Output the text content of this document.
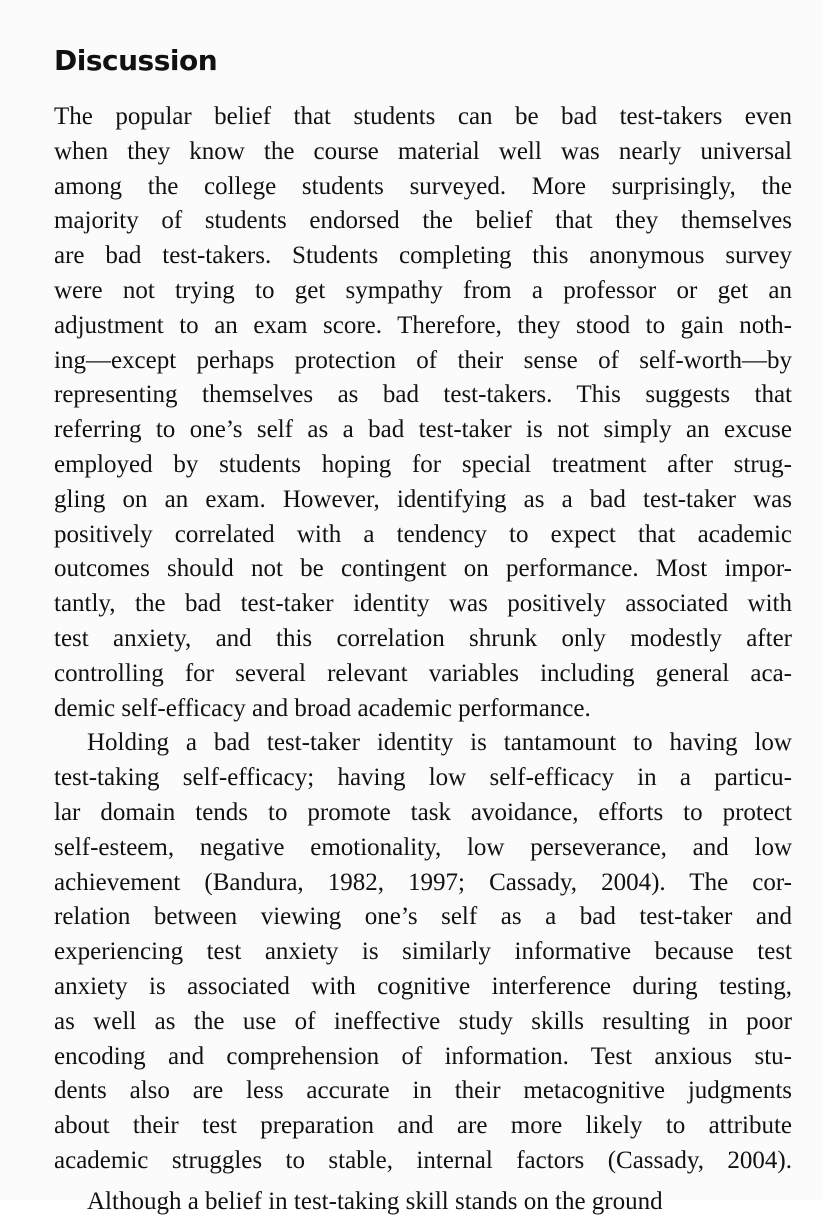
Discussion
The popular belief that students can be bad test-takers even
when they know the course material well was nearly universal
among the college students surveyed. More surprisingly, the
majority of students endorsed the belief that they themselves
are bad test-takers. Students completing this anonymous survey
were not trying to get sympathy from a professor or get an
adjustment to an exam score. Therefore, they stood to gain noth-
ing—except perhaps protection of their sense of self-worth—by
representing themselves as bad test-takers. This suggests that
referring to one’s self as a bad test-taker is not simply an excuse
employed by students hoping for special treatment after strug-
gling on an exam. However, identifying as a bad test-taker was
positively correlated with a tendency to expect that academic
outcomes should not be contingent on performance. Most impor-
tantly, the bad test-taker identity was positively associated with
test anxiety, and this correlation shrunk only modestly after
controlling for several relevant variables including general aca-
demic self-efficacy and broad academic performance.
Holding a bad test-taker identity is tantamount to having low
test-taking self-efficacy; having low self-efficacy in a particu-
lar domain tends to promote task avoidance, efforts to protect
self-esteem, negative emotionality, low perseverance, and low
achievement (Bandura, 1982, 1997; Cassady, 2004). The cor-
relation between viewing one’s self as a bad test-taker and
experiencing test anxiety is similarly informative because test
anxiety is associated with cognitive interference during testing,
as well as the use of ineffective study skills resulting in poor
encoding and comprehension of information. Test anxious stu-
dents also are less accurate in their metacognitive judgments
about their test preparation and are more likely to attribute
academic struggles to stable, internal factors (Cassady, 2004).
Although a belief in test-taking skill stands on the ground
